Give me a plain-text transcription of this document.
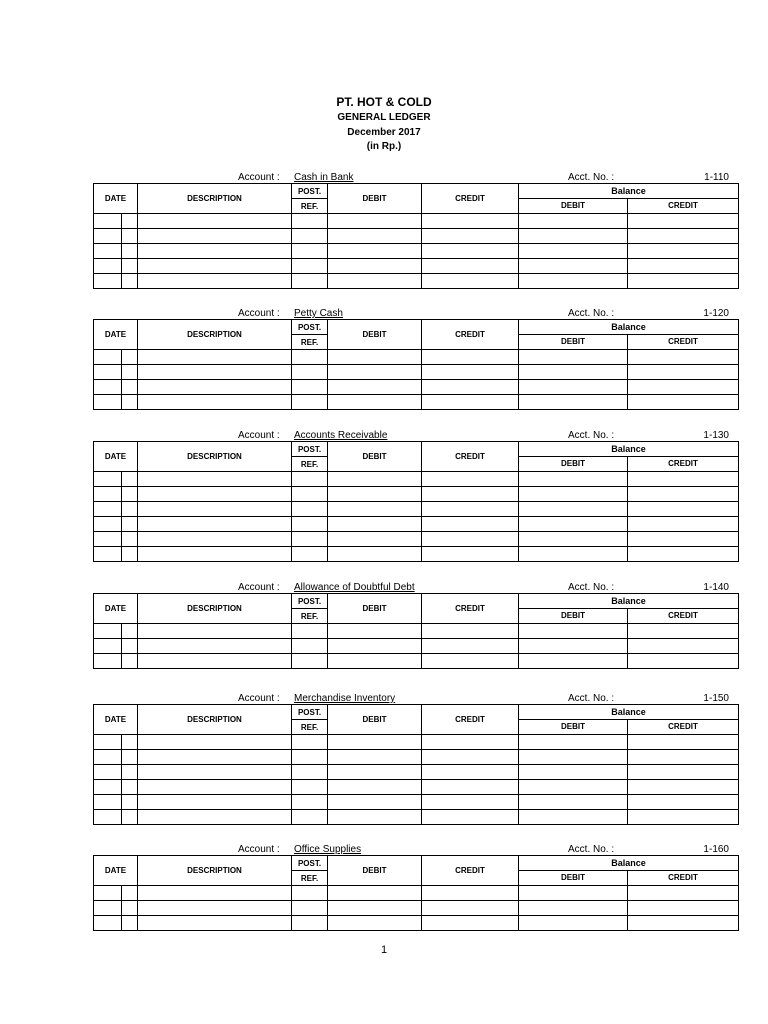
PT. HOT & COLD
GENERAL LEDGER
December 2017
(in Rp.)
Account : Cash in Bank	Acct. No. :	1-110
DATE		DESCRIPTION	POST.	DEBIT	CREDIT	Balance	
			REF.			DEBIT	CREDIT

Account : Petty Cash	Acct. No. :	1-120
DATE		DESCRIPTION	POST.	DEBIT	CREDIT	Balance	
			REF.			DEBIT	CREDIT

Account : Accounts Receivable	Acct. No. :	1-130
DATE		DESCRIPTION	POST.	DEBIT	CREDIT	Balance	
			REF.			DEBIT	CREDIT

Account : Allowance of Doubtful Debt	Acct. No. :	1-140
DATE		DESCRIPTION	POST.	DEBIT	CREDIT	Balance	
			REF.			DEBIT	CREDIT

Account : Merchandise Inventory	Acct. No. :	1-150
DATE		DESCRIPTION	POST.	DEBIT	CREDIT	Balance	
			REF.			DEBIT	CREDIT

Account : Office Supplies	Acct. No. :	1-160
DATE		DESCRIPTION	POST.	DEBIT	CREDIT	Balance	
			REF.			DEBIT	CREDIT

1
